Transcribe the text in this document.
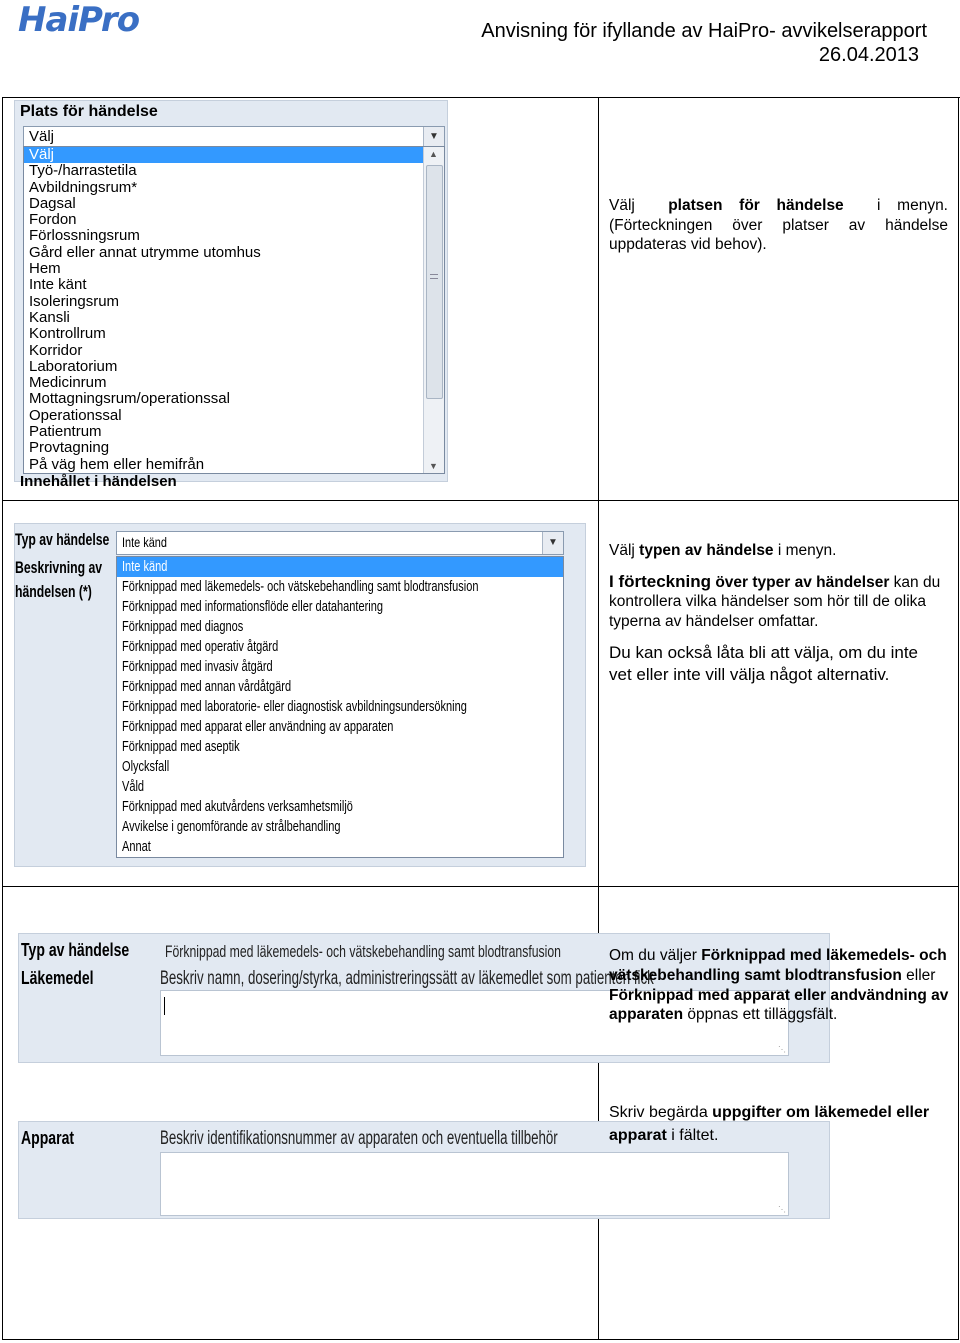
HaiPro	Anvisning för ifyllande av HaiPro- avvikelserapport
26.04.2013
Plats för händelse
Välj	▼
Välj
Työ-/harrastetila
Avbildningsrum*
Dagsal
Fordon
Förlossningsrum
Gård eller annat utrymme utomhus
Hem
Inte känt
Isoleringsrum
Kansli
Kontrollrum
Korridor
Laboratorium
Medicinrum
Mottagningsrum/operationssal
Operationssal
Patientrum
Provtagning
På väg hem eller hemifrån
▲
▼
Innehållet i händelsen
Välj platsen för händelse i menyn. (Förteckningen över platser av händelse uppdateras vid behov).
Typ av händelse
Beskrivning av
händelsen (*)
Inte känd	▼
Inte känd
Förknippad med läkemedels- och vätskebehandling samt blodtransfusion
Förknippad med informationsflöde eller datahantering
Förknippad med diagnos
Förknippad med operativ åtgärd
Förknippad med invasiv åtgärd
Förknippad med annan vårdåtgärd
Förknippad med laboratorie- eller diagnostisk avbildningsundersökning
Förknippad med apparat eller användning av apparaten
Förknippad med aseptik
Olycksfall
Våld
Förknippad med akutvårdens verksamhetsmiljö
Avvikelse i genomförande av strålbehandling
Annat
Välj typen av händelse i menyn.
I förteckning över typer av händelser kan du kontrollera vilka händelser som hör till de olika typerna av händelser omfattar.
Du kan också låta bli att välja, om du inte vet eller inte vill välja något alternativ.
Typ av händelse Förknippad med läkemedels- och vätskebehandling samt blodtransfusion
Läkemedel	Beskriv namn, dosering/styrka, administreringssätt av läkemedlet som patienten fick
⋱
Om du väljer Förknippad med läkemedels- och vätskebehandling samt blodtransfusion eller Förknippad med apparat eller andvändning av apparaten öppnas ett tilläggsfält.
Apparat	Beskriv identifikationsnummer av apparaten och eventuella tillbehör
⋱
Skriv begärda uppgifter om läkemedel eller apparat i fältet.
